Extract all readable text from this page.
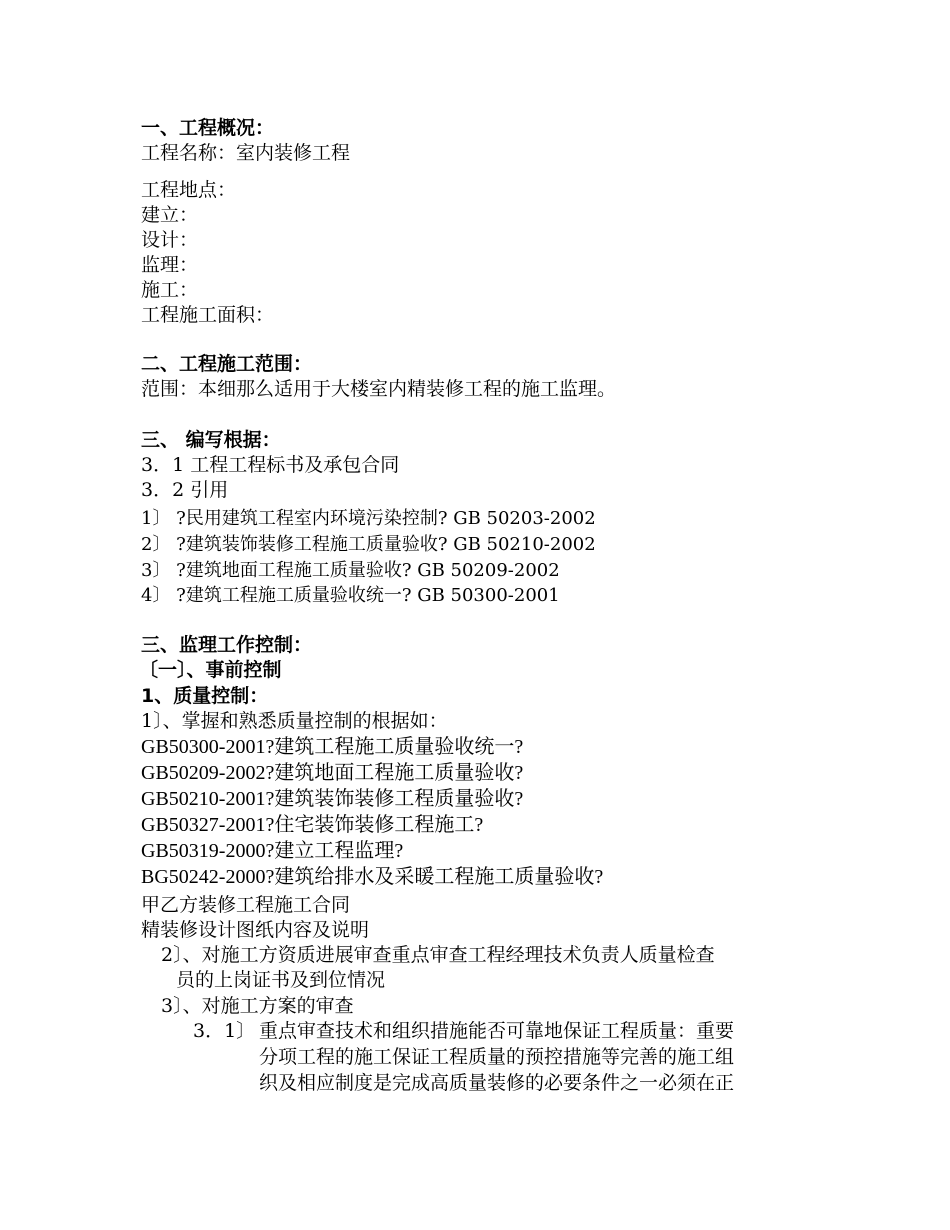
一、工程概况：
工程名称：室内装修工程
工程地点：
建立：
设计：
监理：
施工：
工程施工面积：
二、工程施工范围：
范围：本细那么适用于大楼室内精装修工程的施工监理。
三、 编写根据：
3．1 工程工程标书及承包合同
3．2 引用
1〕 ?民用建筑工程室内环境污染控制? GB 50203-2002
2〕 ?建筑装饰装修工程施工质量验收? GB 50210-2002
3〕 ?建筑地面工程施工质量验收? GB 50209-2002
4〕 ?建筑工程施工质量验收统一? GB 50300-2001
三、监理工作控制：
〔一〕、事前控制
1、质量控制：
1〕、掌握和熟悉质量控制的根据如：
GB50300-2001?建筑工程施工质量验收统一?
GB50209-2002?建筑地面工程施工质量验收?
GB50210-2001?建筑装饰装修工程质量验收?
GB50327-2001?住宅装饰装修工程施工?
GB50319-2000?建立工程监理?
BG50242-2000?建筑给排水及采暖工程施工质量验收?
甲乙方装修工程施工合同
精装修设计图纸内容及说明
2〕、对施工方资质进展审查重点审查工程经理技术负责人质量检查
员的上岗证书及到位情况
3〕、对施工方案的审查
3．1〕 重点审查技术和组织措施能否可靠地保证工程质量：重要
分项工程的施工保证工程质量的预控措施等完善的施工组
织及相应制度是完成高质量装修的必要条件之一必须在正
